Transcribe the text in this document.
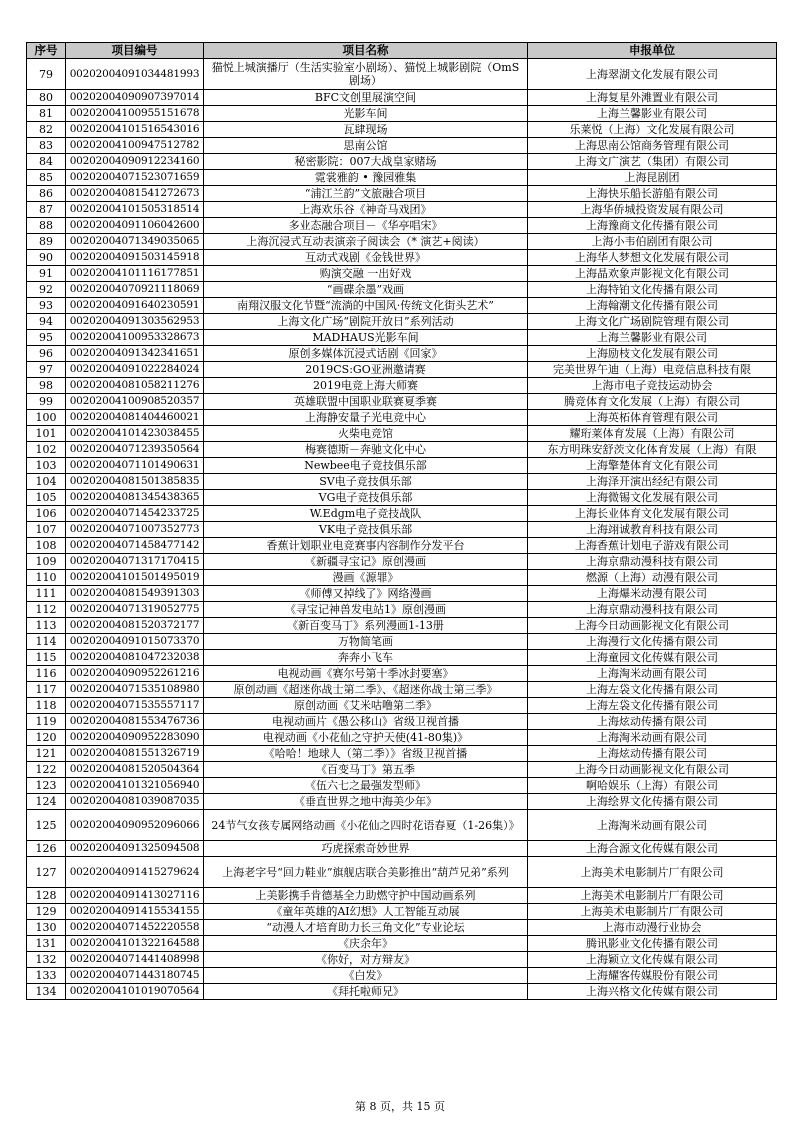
序号	项目编号	项目名称	申报单位
79	00202004091034481993	猫悦上城演播厅（生活实验室小剧场）、猫悦上城影剧院（OmS剧场）	上海翠湖文化发展有限公司
80	00202004090907397014	BFC文创里展演空间	上海复星外滩置业有限公司
81	00202004100955151678	光影车间	上海兰馨影业有限公司
82	00202004101516543016	瓦肆现场	乐莱悦（上海）文化发展有限公司
83	00202004100947512782	思南公馆	上海思南公馆商务管理有限公司
84	00202004090912234160	秘密影院：007大战皇家赌场	上海文广演艺（集团）有限公司
85	00202004071523071659	霓裳雅韵 • 豫园雅集	上海昆剧团
86	00202004081541272673	“浦江兰韵”文旅融合项目	上海快乐船长游船有限公司
87	00202004101505318514	上海欢乐谷《神奇马戏团》	上海华侨城投资发展有限公司
88	00202004091106042600	多业态融合项目－《华亭唱宋》	上海豫商文化传播有限公司
89	00202004071349035065	上海沉浸式互动表演亲子阅读会（* 演艺+阅读）	上海小韦伯剧团有限公司
90	00202004091503145918	互动式戏剧《金钱世界》	上海华人梦想文化发展有限公司
91	00202004101116177851	购演交融 一出好戏	上海晶欢象声影视文化有限公司
92	00202004070921118069	“画碟余墨”戏画	上海特铂文化传播有限公司
93	00202004091640230591	南翔汉服文化节暨“流淌的中国风·传统文化街头艺术”	上海翰潮文化传播有限公司
94	00202004091303562953	上海文化广场“剧院开放日”系列活动	上海文化广场剧院管理有限公司
95	00202004100953328673	MADHAUS光影车间	上海兰馨影业有限公司
96	00202004091342341651	原创多媒体沉浸式话剧《回家》	上海励枝文化发展有限公司
97	00202004091022284024	2019CS:GO亚洲邀请赛	完美世界午迪（上海）电竞信息科技有限
98	00202004081058211276	2019电竞上海大师赛	上海市电子竞技运动协会
99	00202004100908520357	英雄联盟中国职业联赛夏季赛	腾竞体育文化发展（上海）有限公司
100	00202004081404460021	上海静安量子光电竞中心	上海英柘体育管理有限公司
101	00202004101423038455	火柴电竞馆	耀珩莱体育发展（上海）有限公司
102	00202004071239350564	梅赛德斯－奔驰文化中心	东方明珠安舒茨文化体育发展（上海）有限
103	00202004071101490631	Newbee电子竞技俱乐部	上海擎楚体育文化有限公司
104	00202004081501385835	SV电子竞技俱乐部	上海泽开演出经纪有限公司
105	00202004081345438365	VG电子竞技俱乐部	上海微锡文化发展有限公司
106	00202004071454233725	W.Edgm电子竞技战队	上海长业体育文化发展有限公司
107	00202004071007352773	VK电子竞技俱乐部	上海翊诚教育科技有限公司
108	00202004071458477142	香蕉计划职业电竞赛事内容制作分发平台	上海香蕉计划电子游戏有限公司
109	00202004071317170415	《新疆寻宝记》原创漫画	上海京鼎动漫科技有限公司
110	00202004101501495019	漫画《源罪》	燃源（上海）动漫有限公司
111	00202004081549391303	《师傅又掉线了》网络漫画	上海爆米动漫有限公司
112	00202004071319052775	《寻宝记神兽发电站1》原创漫画	上海京鼎动漫科技有限公司
113	00202004081520372177	《新百变马丁》系列漫画1-13册	上海今日动画影视文化有限公司
114	00202004091015073370	万物简笔画	上海漫行文化传播有限公司
115	00202004081047232038	奔奔小飞车	上海童园文化传媒有限公司
116	00202004090952261216	电视动画《赛尔号第十季冰封要塞》	上海淘米动画有限公司
117	00202004071535108980	原创动画《超迷你战士第二季》、《超迷你战士第三季》	上海左袋文化传播有限公司
118	00202004071535557117	原创动画《艾米咕噜第二季》	上海左袋文化传播有限公司
119	00202004081553476736	电视动画片《愚公移山》省级卫视首播	上海炫动传播有限公司
120	00202004090952283090	电视动画《小花仙之守护天使(41-80集)》	上海淘米动画有限公司
121	00202004081551326719	《哈哈！地球人（第二季）》省级卫视首播	上海炫动传播有限公司
122	00202004081520504364	《百变马丁》第五季	上海今日动画影视文化有限公司
123	00202004101321056940	《伍六七之最强发型师》	啊哈娱乐（上海）有限公司
124	00202004081039087035	《垂直世界之地中海美少年》	上海绘界文化传播有限公司
125	00202004090952096066	24节气女孩专属网络动画《小花仙之四时花语春夏（1-26集）》	上海淘米动画有限公司
126	00202004091325094508	巧虎探索奇妙世界	上海合源文化传媒有限公司
127	00202004091415279624	上海老字号“回力鞋业”旗舰店联合美影推出“葫芦兄弟”系列	上海美术电影制片厂有限公司
128	00202004091413027116	上美影携手肯德基全力助燃守护中国动画系列	上海美术电影制片厂有限公司
129	00202004091415534155	《童年英雄的AI幻想》人工智能互动展	上海美术电影制片厂有限公司
130	00202004071452220558	“动漫人才培育助力长三角文化”专业论坛	上海市动漫行业协会
131	00202004101322164588	《庆余年》	腾讯影业文化传播有限公司
132	00202004071441408998	《你好，对方辩友》	上海颖立文化传媒有限公司
133	00202004071443180745	《白发》	上海耀客传媒股份有限公司
134	00202004101019070564	《拜托啦师兄》	上海兴格文化传媒有限公司
第 8 页，共 15 页
